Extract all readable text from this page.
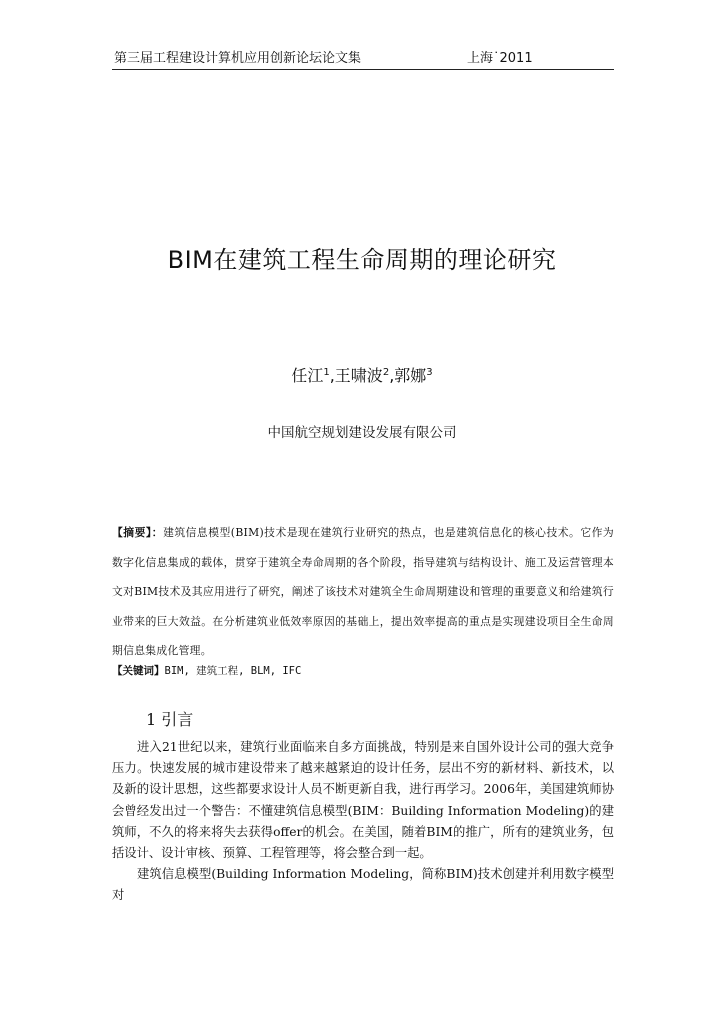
第三届工程建设计算机应用创新论坛论文集	上海˙2011
BIM在建筑工程生命周期的理论研究
任江$^1$,王啸波$^2$,郭娜$^3$
中国航空规划建设发展有限公司
【摘要】：建筑信息模型(BIM)技术是现在建筑行业研究的热点，也是建筑信息化的核心技术。它作为数字化信息集成的载体，贯穿于建筑全寿命周期的各个阶段，指导建筑与结构设计、施工及运营管理本文对BIM技术及其应用进行了研究，阐述了该技术对建筑全生命周期建设和管理的重要意义和给建筑行业带来的巨大效益。在分析建筑业低效率原因的基础上，提出效率提高的重点是实现建设项目全生命周期信息集成化管理。
【关键词】BIM, 建筑工程, BLM, IFC
1 引言

进入21世纪以来，建筑行业面临来自多方面挑战，特别是来自国外设计公司的强大竞争压力。快速发展的城市建设带来了越来越紧迫的设计任务，层出不穷的新材料、新技术，以及新的设计思想，这些都要求设计人员不断更新自我，进行再学习。2006年，美国建筑师协会曾经发出过一个警告：不懂建筑信息模型(BIM：Building Information Modeling)的建筑师，不久的将来将失去获得offer的机会。在美国，随着BIM的推广，所有的建筑业务，包括设计、设计审核、预算、工程管理等，将会整合到一起。

建筑信息模型(Building Information Modeling，简称BIM)技术创建并利用数字模型对
